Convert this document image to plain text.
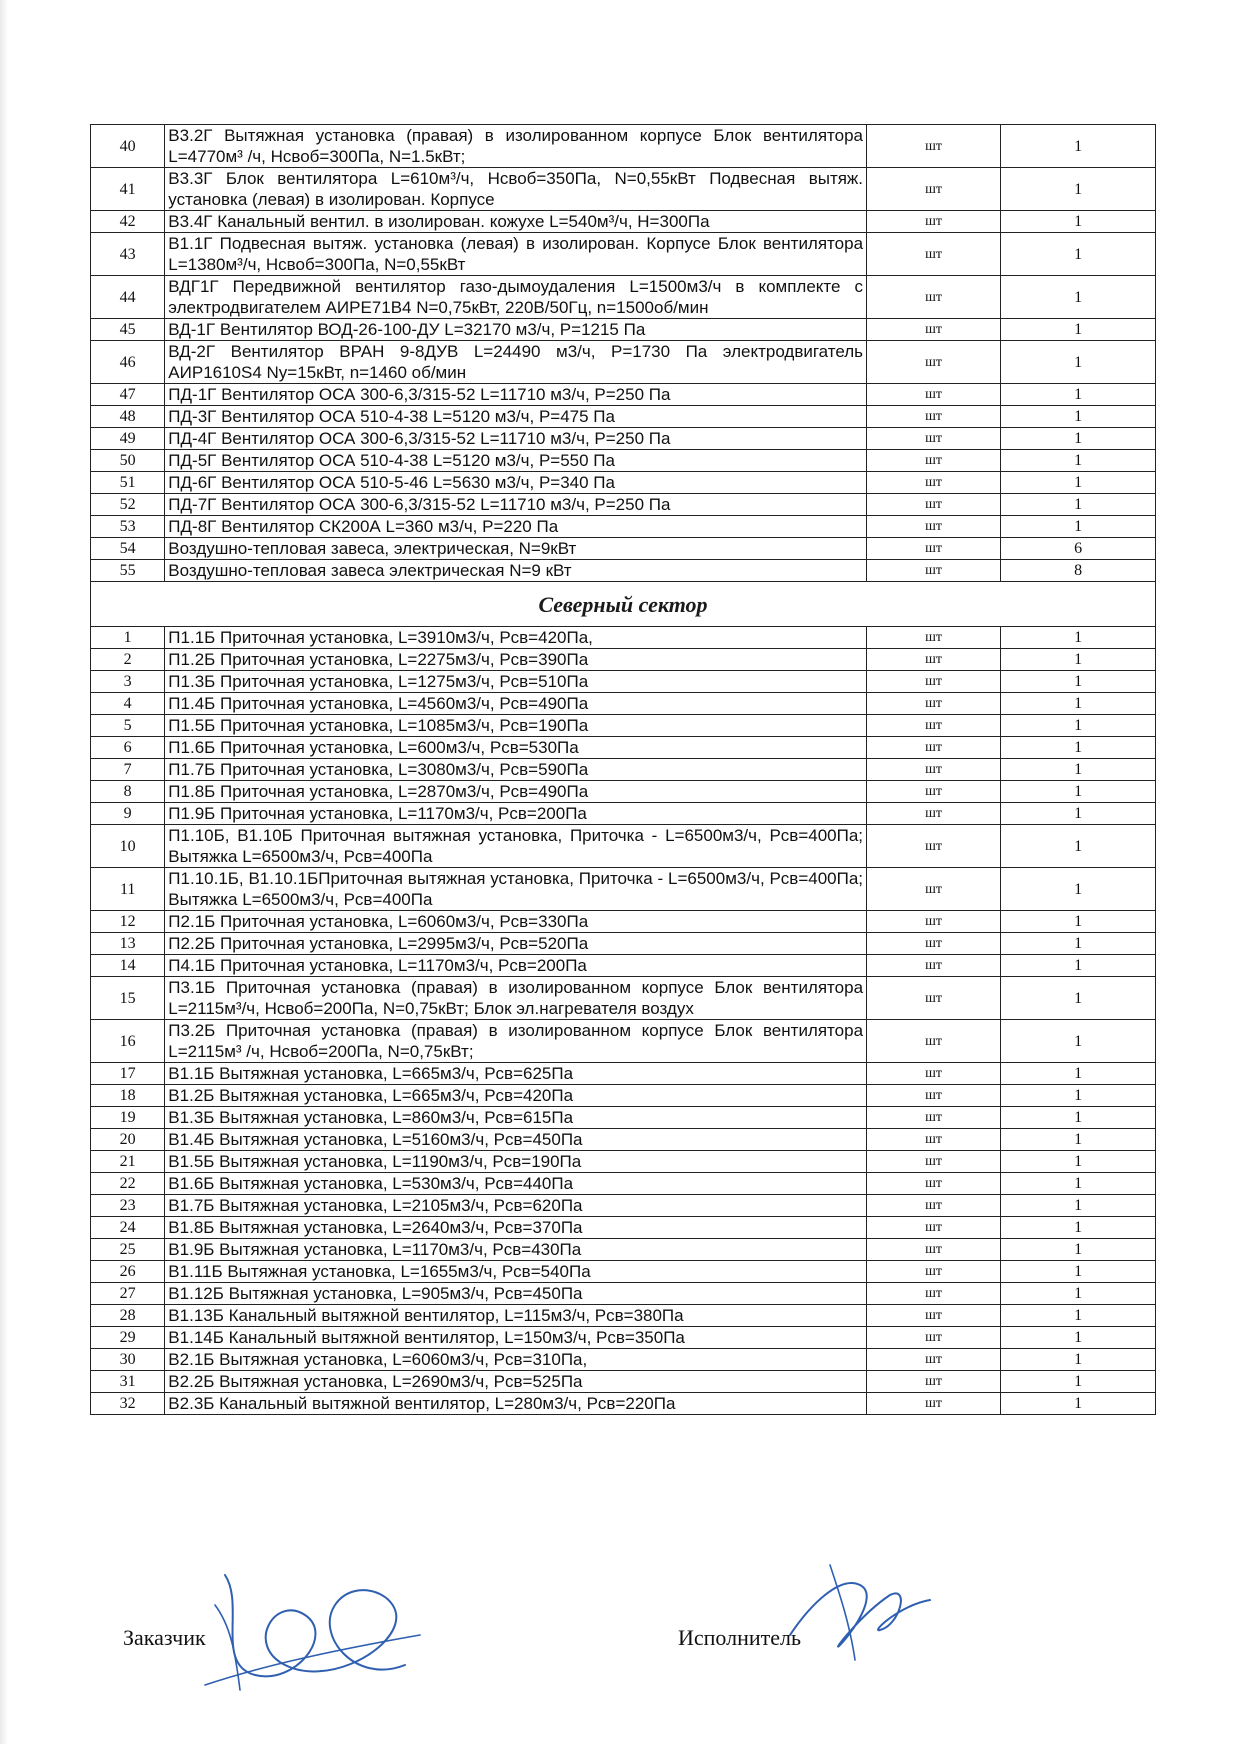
40	В3.2Г Вытяжная установка (правая) в изолированном корпусе Блок вентилятора L=4770м³ /ч, Нсвоб=300Па, N=1.5кВт;	шт	1
41	В3.3Г Блок вентилятора L=610м³/ч, Нсвоб=350Па, N=0,55кВт Подвесная вытяж. установка (левая) в изолирован. Корпусе	шт	1
42	В3.4Г Канальный вентил. в изолирован. кожухе L=540м³/ч, Н=300Па	шт	1
43	В1.1Г Подвесная вытяж. установка (левая) в изолирован. Корпусе Блок вентилятора L=1380м³/ч, Нсвоб=300Па, N=0,55кВт	шт	1
44	ВДГ1Г Передвижной вентилятор газо-дымоудаления L=1500м3/ч в комплекте с электродвигателем АИРЕ71В4 N=0,75кВт, 220В/50Гц, n=1500об/мин	шт	1
45	ВД-1Г Вентилятор ВОД-26-100-ДУ L=32170 м3/ч, Р=1215 Па	шт	1
46	ВД-2Г Вентилятор ВРАН 9-8ДУВ L=24490 м3/ч, Р=1730 Па электродвигатель АИР1610S4 Ny=15кВт, n=1460 об/мин	шт	1
47	ПД-1Г Вентилятор ОСА 300-6,3/315-52 L=11710 м3/ч, Р=250 Па	шт	1
48	ПД-3Г Вентилятор ОСА 510-4-38 L=5120 м3/ч, Р=475 Па	шт	1
49	ПД-4Г Вентилятор ОСА 300-6,3/315-52 L=11710 м3/ч, Р=250 Па	шт	1
50	ПД-5Г Вентилятор ОСА 510-4-38 L=5120 м3/ч, Р=550 Па	шт	1
51	ПД-6Г Вентилятор ОСА 510-5-46 L=5630 м3/ч, Р=340 Па	шт	1
52	ПД-7Г Вентилятор ОСА 300-6,3/315-52 L=11710 м3/ч, Р=250 Па	шт	1
53	ПД-8Г Вентилятор СК200А L=360 м3/ч, Р=220 Па	шт	1
54	Воздушно-тепловая завеса, электрическая, N=9кВт	шт	6
55	Воздушно-тепловая завеса электрическая N=9 кВт	шт	8
Северный сектор			
1	П1.1Б Приточная установка, L=3910м3/ч, Рсв=420Па,	шт	1
2	П1.2Б Приточная установка, L=2275м3/ч, Рсв=390Па	шт	1
3	П1.3Б Приточная установка, L=1275м3/ч, Рсв=510Па	шт	1
4	П1.4Б Приточная установка, L=4560м3/ч, Рсв=490Па	шт	1
5	П1.5Б Приточная установка, L=1085м3/ч, Рсв=190Па	шт	1
6	П1.6Б Приточная установка, L=600м3/ч, Рсв=530Па	шт	1
7	П1.7Б Приточная установка, L=3080м3/ч, Рсв=590Па	шт	1
8	П1.8Б Приточная установка, L=2870м3/ч, Рсв=490Па	шт	1
9	П1.9Б Приточная установка, L=1170м3/ч, Рсв=200Па	шт	1
10	П1.10Б, В1.10Б Приточная вытяжная установка, Приточка - L=6500м3/ч, Рсв=400Па; Вытяжка L=6500м3/ч, Рсв=400Па	шт	1
11	П1.10.1Б, В1.10.1БПриточная вытяжная установка, Приточка - L=6500м3/ч, Рсв=400Па; Вытяжка L=6500м3/ч, Рсв=400Па	шт	1
12	П2.1Б Приточная установка, L=6060м3/ч, Рсв=330Па	шт	1
13	П2.2Б Приточная установка, L=2995м3/ч, Рсв=520Па	шт	1
14	П4.1Б Приточная установка, L=1170м3/ч, Рсв=200Па	шт	1
15	П3.1Б Приточная установка (правая) в изолированном корпусе Блок вентилятора L=2115м³/ч, Нсвоб=200Па, N=0,75кВт; Блок эл.нагревателя воздух	шт	1
16	П3.2Б Приточная установка (правая) в изолированном корпусе Блок вентилятора L=2115м³ /ч, Нсвоб=200Па, N=0,75кВт;	шт	1
17	В1.1Б Вытяжная установка, L=665м3/ч, Рсв=625Па	шт	1
18	В1.2Б Вытяжная установка, L=665м3/ч, Рсв=420Па	шт	1
19	В1.3Б Вытяжная установка, L=860м3/ч, Рсв=615Па	шт	1
20	В1.4Б Вытяжная установка, L=5160м3/ч, Рсв=450Па	шт	1
21	В1.5Б Вытяжная установка, L=1190м3/ч, Рсв=190Па	шт	1
22	В1.6Б Вытяжная установка, L=530м3/ч, Рсв=440Па	шт	1
23	В1.7Б Вытяжная установка, L=2105м3/ч, Рсв=620Па	шт	1
24	В1.8Б Вытяжная установка, L=2640м3/ч, Рсв=370Па	шт	1
25	В1.9Б Вытяжная установка, L=1170м3/ч, Рсв=430Па	шт	1
26	В1.11Б Вытяжная установка, L=1655м3/ч, Рсв=540Па	шт	1
27	В1.12Б Вытяжная установка, L=905м3/ч, Рсв=450Па	шт	1
28	В1.13Б Канальный вытяжной вентилятор, L=115м3/ч, Рсв=380Па	шт	1
29	В1.14Б Канальный вытяжной вентилятор, L=150м3/ч, Рсв=350Па	шт	1
30	В2.1Б Вытяжная установка, L=6060м3/ч, Рсв=310Па,	шт	1
31	В2.2Б Вытяжная установка, L=2690м3/ч, Рсв=525Па	шт	1
32	В2.3Б Канальный вытяжной вентилятор, L=280м3/ч, Рсв=220Па	шт	1
Заказчик	Исполнитель
